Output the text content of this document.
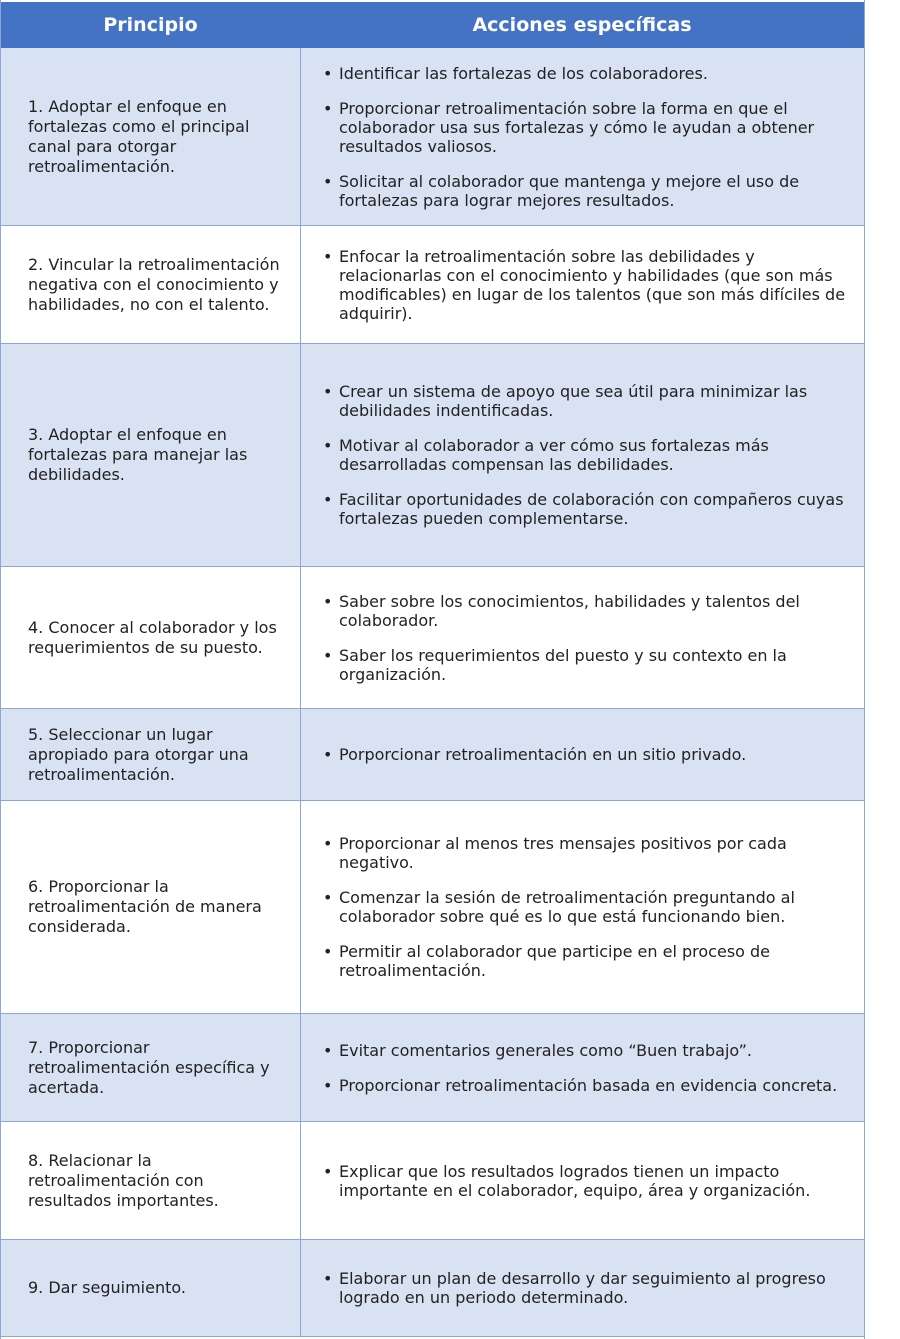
Principio	Acciones específicas
1. Adoptar el enfoque en fortalezas como el principal canal para otorgar retroalimentación.
• Identificar las fortalezas de los colaboradores.
• Proporcionar retroalimentación sobre la forma en que el colaborador usa sus fortalezas y cómo le ayudan a obtener resultados valiosos.
• Solicitar al colaborador que mantenga y mejore el uso de fortalezas para lograr mejores resultados.
2. Vincular la retroalimentación negativa con el conocimiento y habilidades, no con el talento.
• Enfocar la retroalimentación sobre las debilidades y relacionarlas con el conocimiento y habilidades (que son más modificables) en lugar de los talentos (que son más difíciles de adquirir).
3. Adoptar el enfoque en fortalezas para manejar las debilidades.
• Crear un sistema de apoyo que sea útil para minimizar las debilidades indentificadas.
• Motivar al colaborador a ver cómo sus fortalezas más desarrolladas compensan las debilidades.
• Facilitar oportunidades de colaboración con compañeros cuyas fortalezas pueden complementarse.
4. Conocer al colaborador y los requerimientos de su puesto.
• Saber sobre los conocimientos, habilidades y talentos del colaborador.
• Saber los requerimientos del puesto y su contexto en la organización.
5. Seleccionar un lugar apropiado para otorgar una retroalimentación.
• Porporcionar retroalimentación en un sitio privado.
6. Proporcionar la retroalimentación de manera considerada.
• Proporcionar al menos tres mensajes positivos por cada negativo.
• Comenzar la sesión de retroalimentación preguntando al colaborador sobre qué es lo que está funcionando bien.
• Permitir al colaborador que participe en el proceso de retroalimentación.
7. Proporcionar retroalimentación específica y acertada.
• Evitar comentarios generales como “Buen trabajo”.
• Proporcionar retroalimentación basada en evidencia concreta.
8. Relacionar la retroalimentación con resultados importantes.
• Explicar que los resultados logrados tienen un impacto importante en el colaborador, equipo, área y organización.
9. Dar seguimiento.	• Elaborar un plan de desarrollo y dar seguimiento al progreso logrado en un periodo determinado.
